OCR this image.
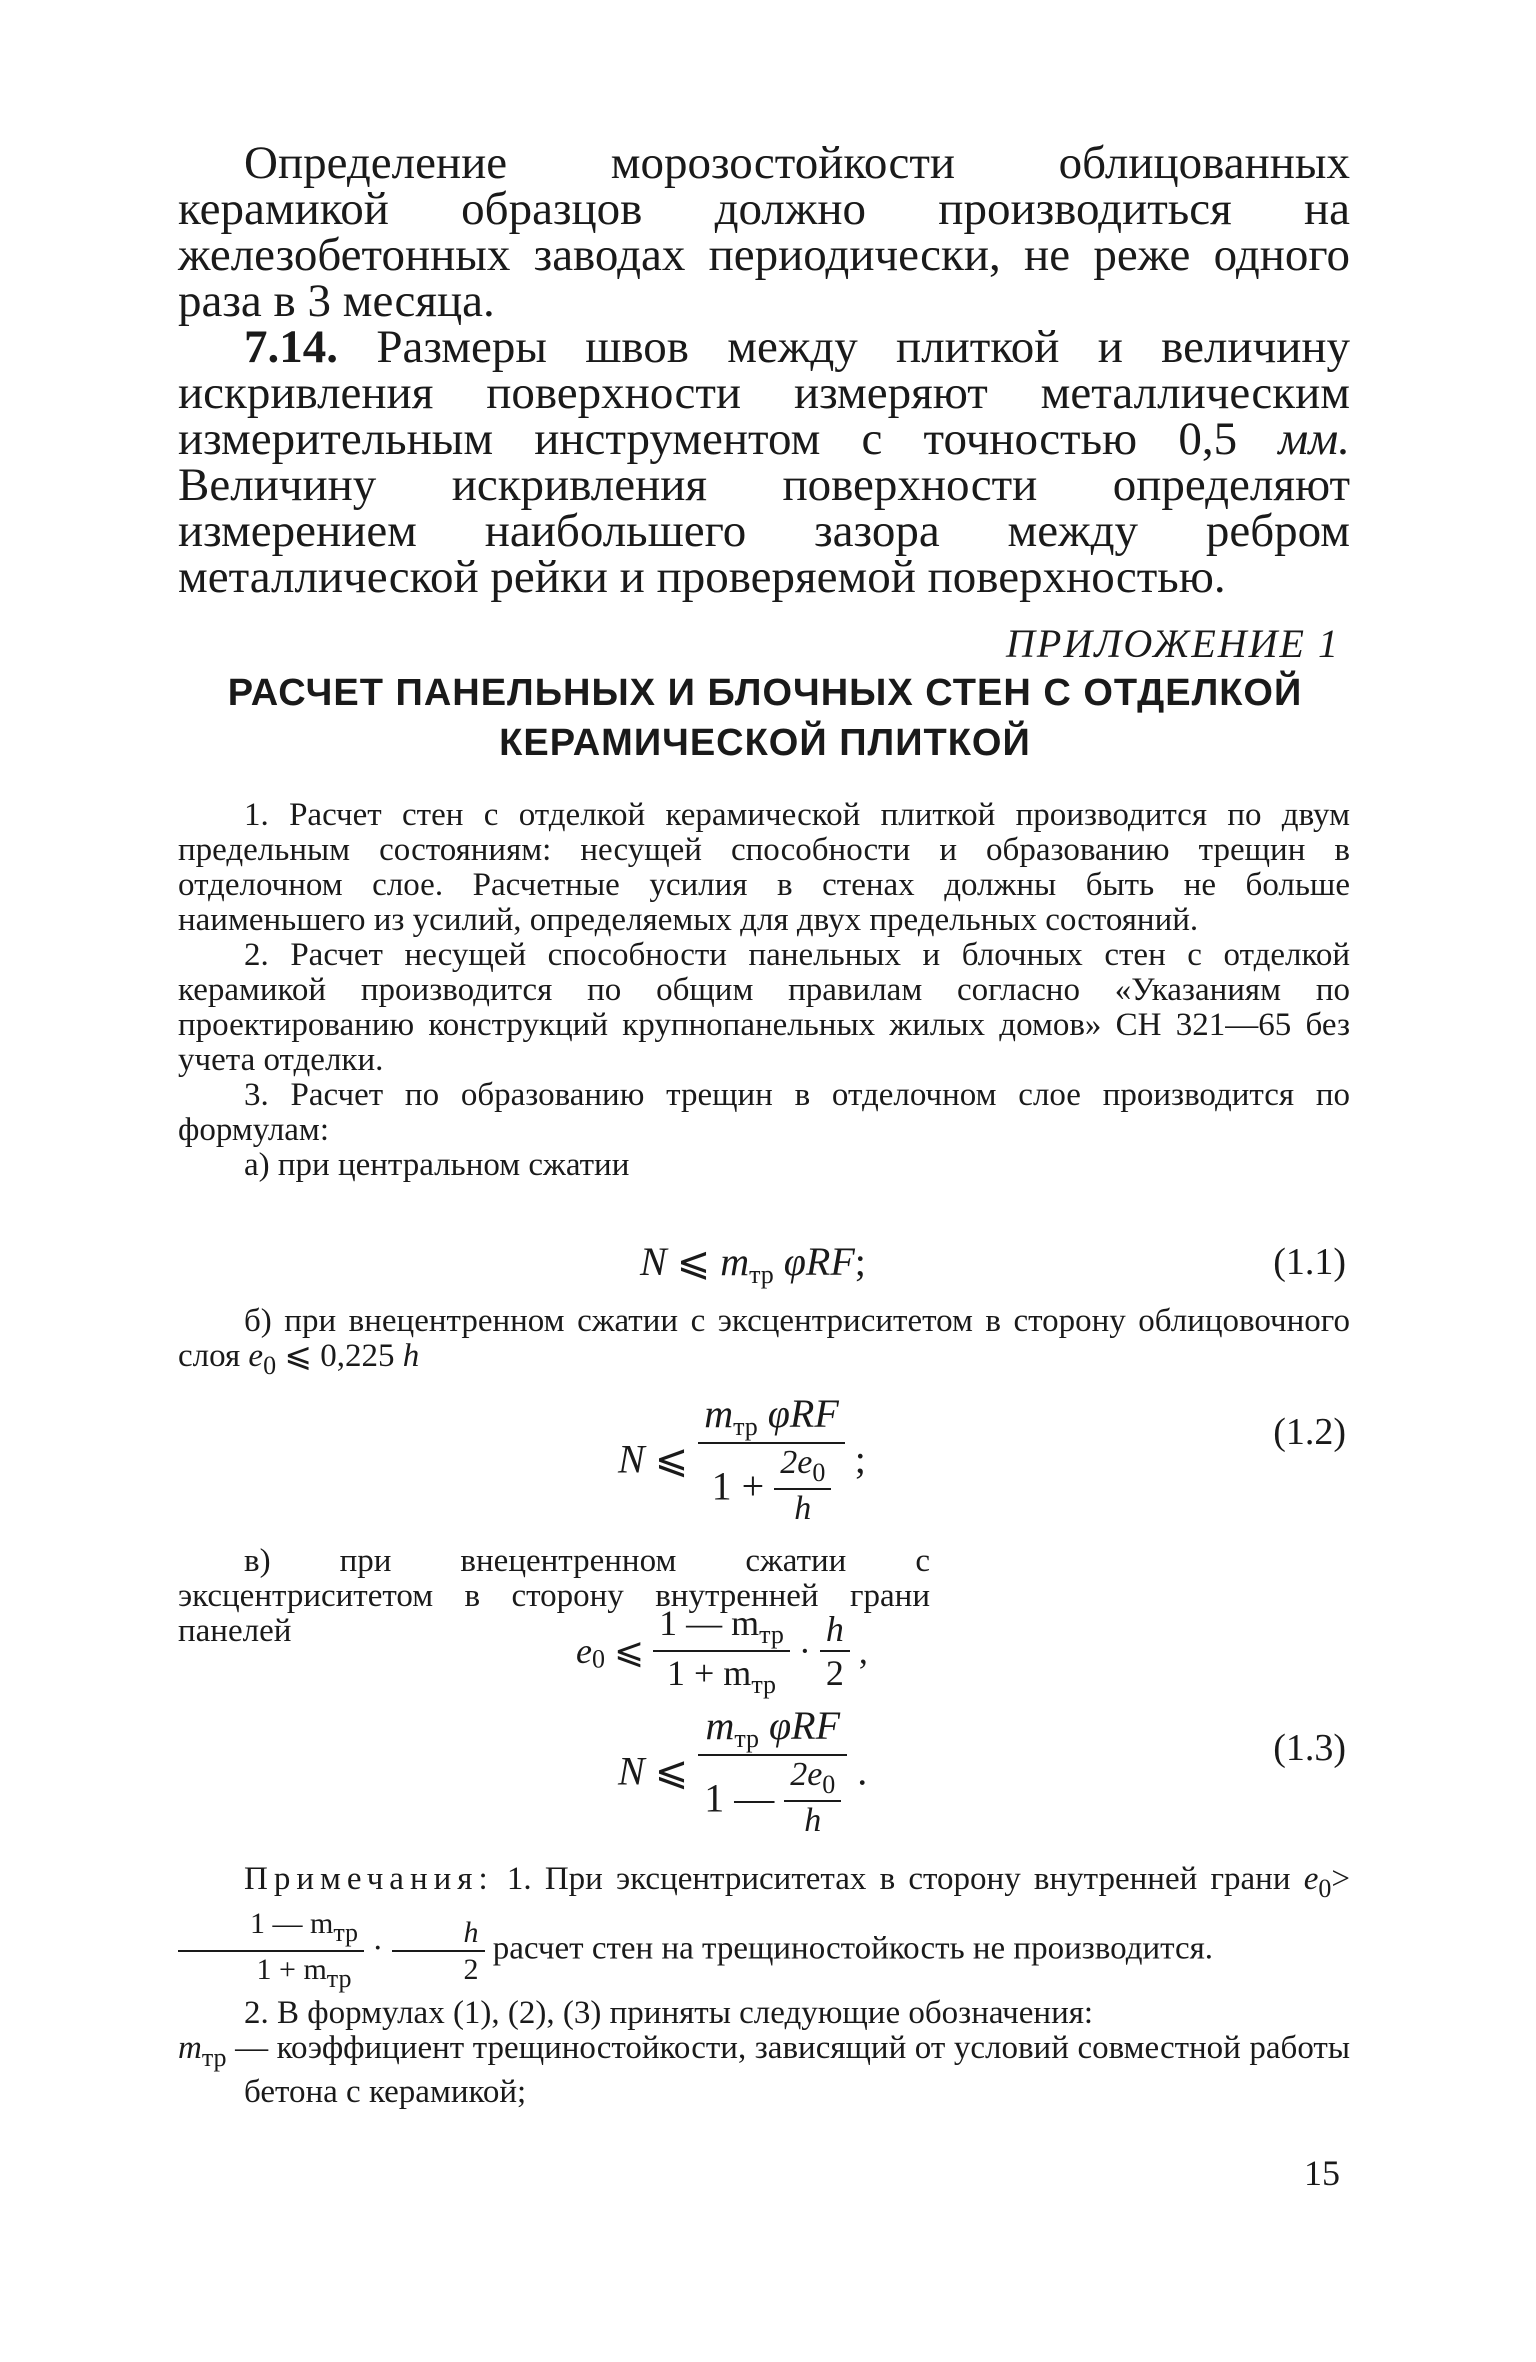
Определение морозостойкости облицованных керамикой образцов должно производиться на железобетонных заводах периодически, не реже одного раза в 3 месяца.

7.14. Размеры швов между плиткой и величину искривления поверхности измеряют металлическим измерительным инструментом с точностью 0,5 мм. Величину искривления поверхности определяют измерением наибольшего зазора между ребром металлической рейки и проверяемой поверхностью.

ПРИЛОЖЕНИЕ 1
РАСЧЕТ ПАНЕЛЬНЫХ И БЛОЧНЫХ СТЕН С ОТДЕЛКОЙ
КЕРАМИЧЕСКОЙ ПЛИТКОЙ

1. Расчет стен с отделкой керамической плиткой производится по двум предельным состояниям: несущей способности и образованию трещин в отделочном слое. Расчетные усилия в стенах должны быть не больше наименьшего из усилий, определяемых для двух предельных состояний.

2. Расчет несущей способности панельных и блочных стен с отделкой керамикой производится по общим правилам согласно «Указаниям по проектированию конструкций крупнопанельных жилых домов» СН 321—65 без учета отделки.

3. Расчет по образованию трещин в отделочном слое производится по формулам:

а) при центральном сжатии

N ⩽ $m_{тр}$ φRF;	(1.1)

б) при внецентренном сжатии с эксцентриситетом в сторону облицовочного слоя $e_0$ ⩽ 0,225 h

N ⩽ $\frac{m_{тр} \varphi RF}{1 + \frac{2e_0}{h}}$ ;
(1.2)

в) при внецентренном сжатии с эксцентриситетом в сторону внутренней грани панелей	$e_0$ ⩽ $\frac{1 — m_{тр}}{1 + m_{тр}} \cdot \frac{h}{2}$ ,
N ⩽ $\frac{m_{тр} \varphi RF}{1 — \frac{2e_0}{h}}$ .
(1.3)

Примечания: 1. При эксцентриситетах в сторону внутренней грани $e_0>$
$\frac{\text{1 — mтр}}{\text{1 + mтр}} \cdot \frac{h}{2}$ расчет стен на трещиностойкость не производится.

2. В формулах (1), (2), (3) приняты следующие обозначения:

$m_{тр}$ — коэффициент трещиностойкости, зависящий от условий совместной работы бетона с керамикой;

15
